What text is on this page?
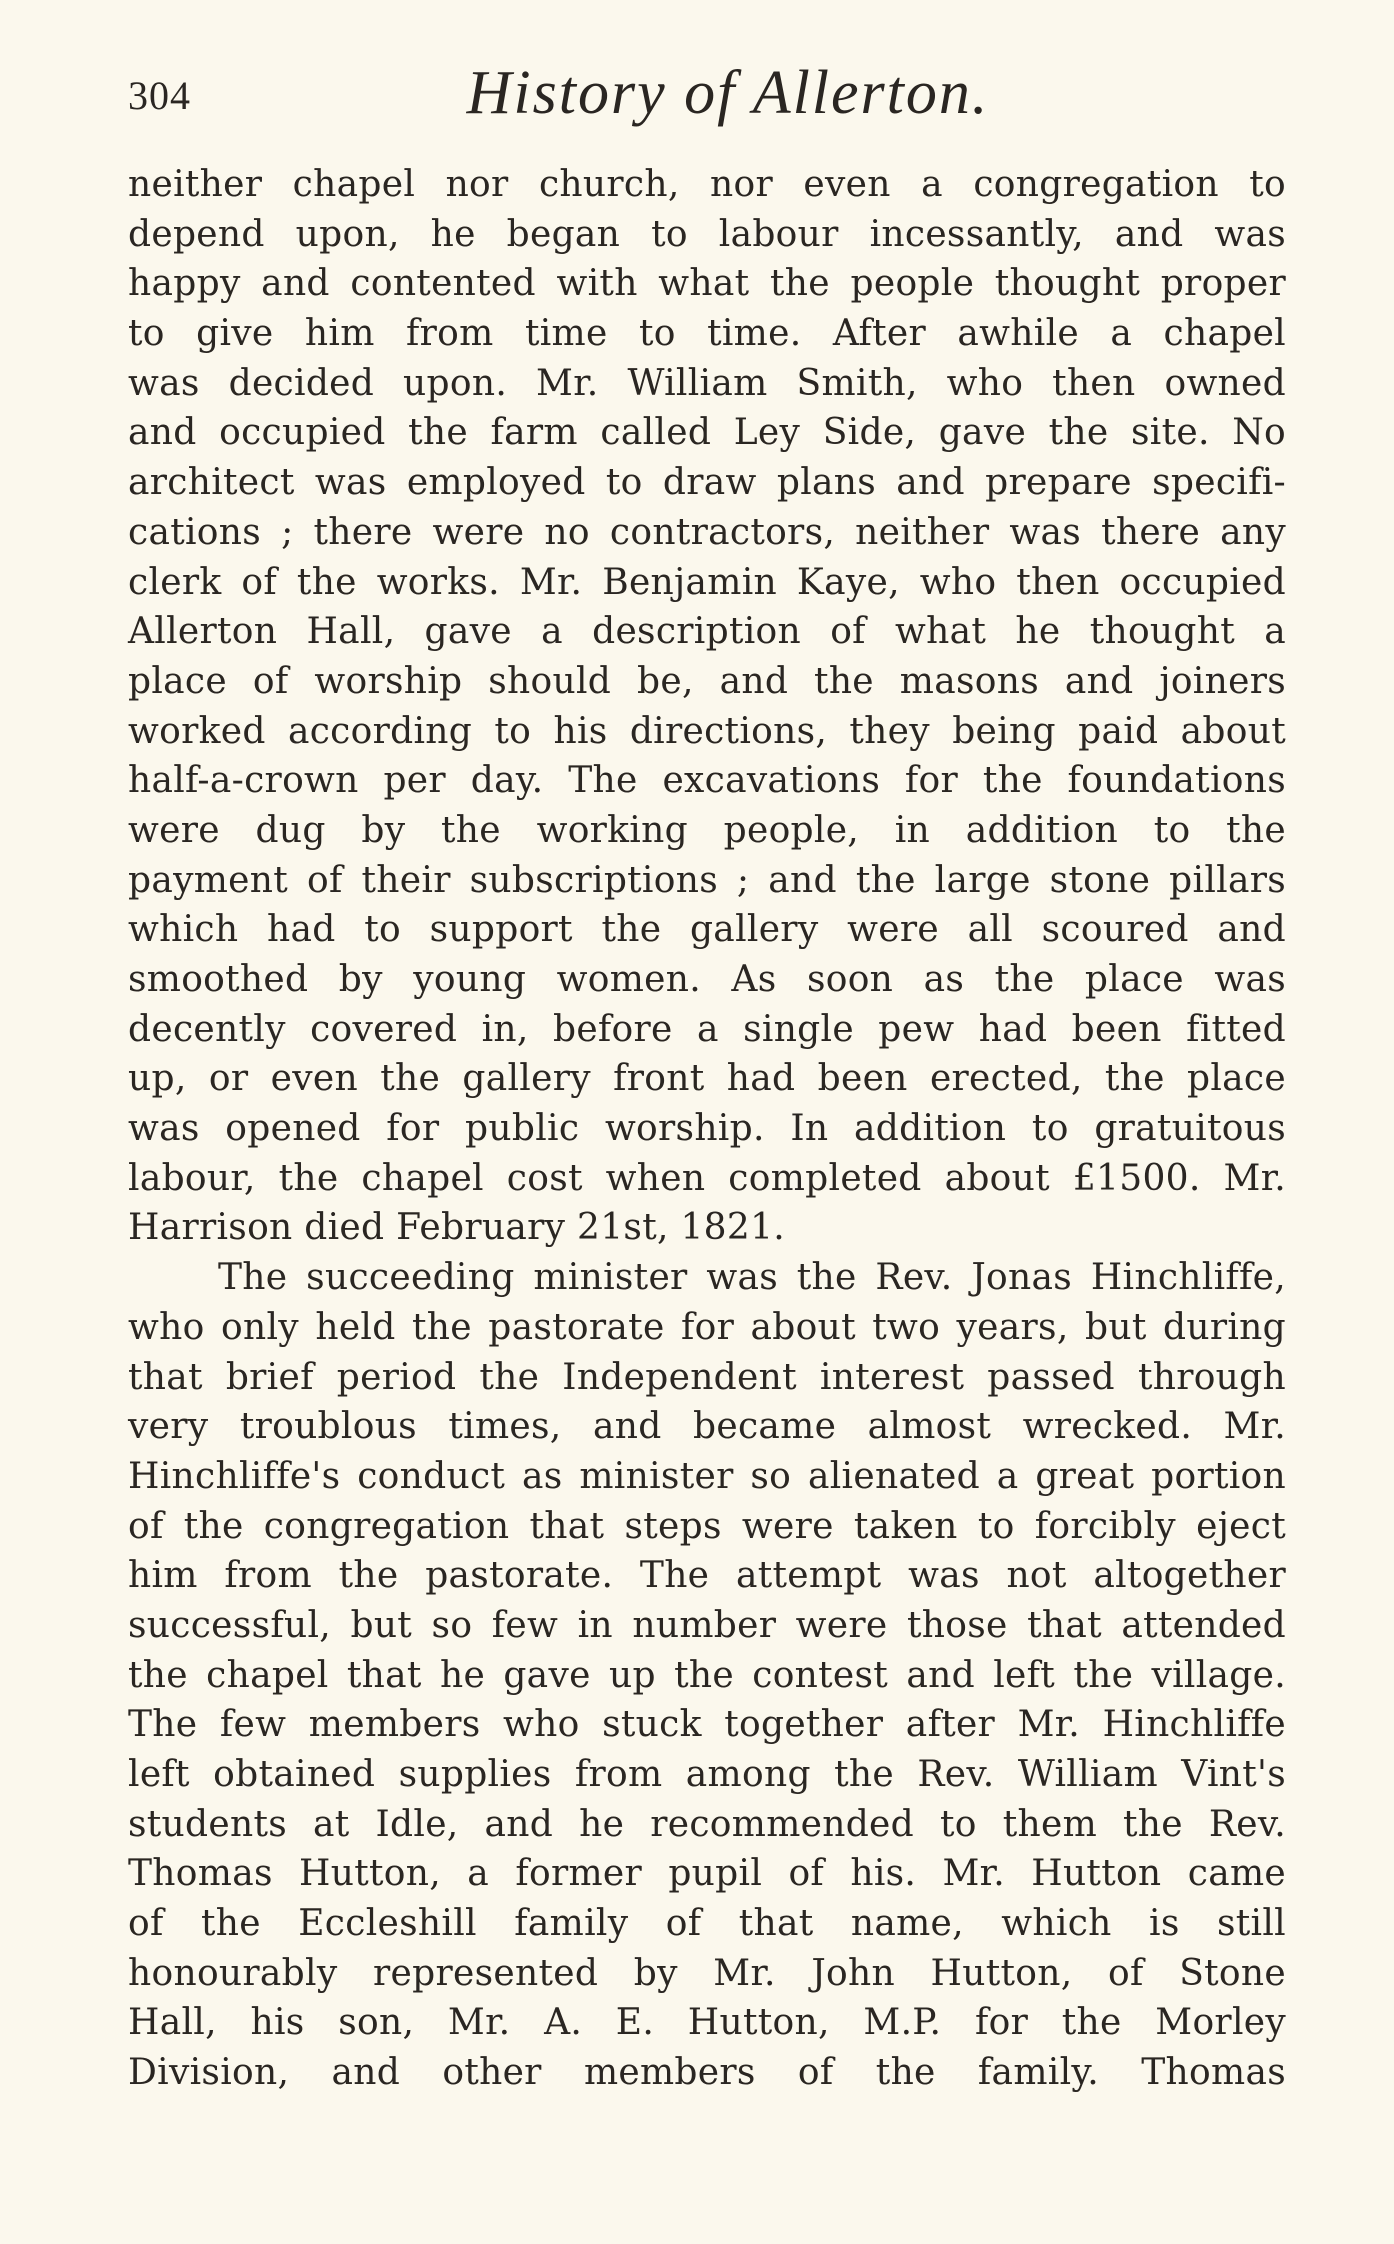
304	History of Allerton.
neither chapel nor church, nor even a congregation to
depend upon, he began to labour incessantly, and was
happy and contented with what the people thought proper
to give him from time to time. After awhile a chapel
was decided upon. Mr. William Smith, who then owned
and occupied the farm called Ley Side, gave the site. No
architect was employed to draw plans and prepare specifi-
cations ; there were no contractors, neither was there any
clerk of the works. Mr. Benjamin Kaye, who then occupied
Allerton Hall, gave a description of what he thought a
place of worship should be, and the masons and joiners
worked according to his directions, they being paid about
half-a-crown per day. The excavations for the foundations
were dug by the working people, in addition to the
payment of their subscriptions ; and the large stone pillars
which had to support the gallery were all scoured and
smoothed by young women. As soon as the place was
decently covered in, before a single pew had been fitted
up, or even the gallery front had been erected, the place
was opened for public worship. In addition to gratuitous
labour, the chapel cost when completed about £1500. Mr.
Harrison died February 21st, 1821.
The succeeding minister was the Rev. Jonas Hinchliffe,
who only held the pastorate for about two years, but during
that brief period the Independent interest passed through
very troublous times, and became almost wrecked. Mr.
Hinchliffe's conduct as minister so alienated a great portion
of the congregation that steps were taken to forcibly eject
him from the pastorate. The attempt was not altogether
successful, but so few in number were those that attended
the chapel that he gave up the contest and left the village.
The few members who stuck together after Mr. Hinchliffe
left obtained supplies from among the Rev. William Vint's
students at Idle, and he recommended to them the Rev.
Thomas Hutton, a former pupil of his. Mr. Hutton came
of the Eccleshill family of that name, which is still
honourably represented by Mr. John Hutton, of Stone
Hall, his son, Mr. A. E. Hutton, M.P. for the Morley
Division, and other members of the family. Thomas
